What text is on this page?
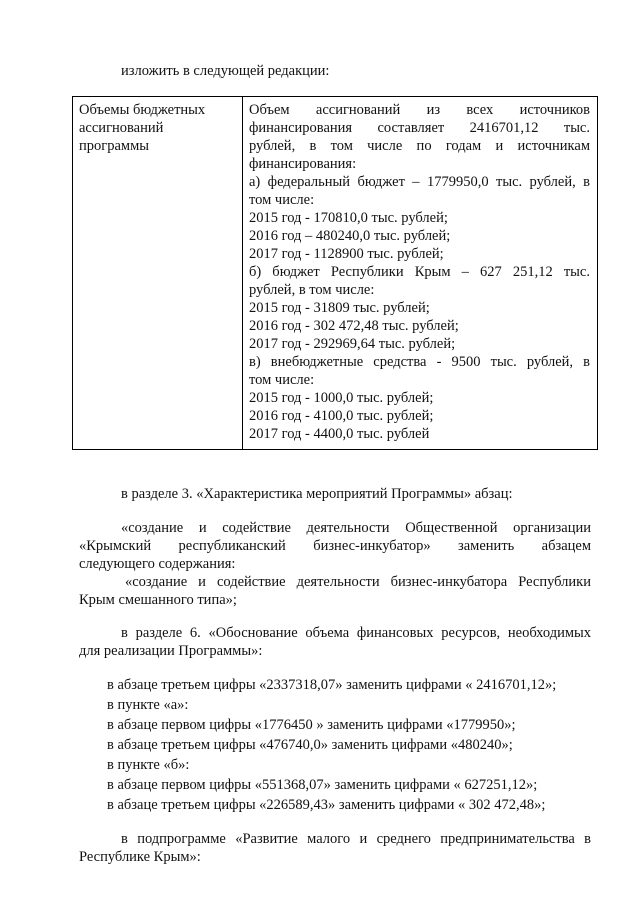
изложить в следующей редакции:
Объемы бюджетных
ассигнований
программы
Объем ассигнований из всех источников
финансирования составляет 2416701,12 тыс.
рублей, в том числе по годам и источникам
финансирования:
а) федеральный бюджет – 1779950,0 тыс. рублей, в
том числе:
2015 год - 170810,0 тыс. рублей;
2016 год – 480240,0 тыс. рублей;
2017 год - 1128900 тыс. рублей;
б) бюджет Республики Крым – 627 251,12 тыс.
рублей, в том числе:
2015 год - 31809 тыс. рублей;
2016 год - 302 472,48 тыс. рублей;
2017 год - 292969,64 тыс. рублей;
в) внебюджетные средства - 9500 тыс. рублей, в
том числе:
2015 год - 1000,0 тыс. рублей;
2016 год - 4100,0 тыс. рублей;
2017 год - 4400,0 тыс. рублей
в разделе 3. «Характеристика мероприятий Программы» абзац:
«создание и содействие деятельности Общественной организации
«Крымский республиканский бизнес-инкубатор» заменить абзацем
следующего содержания:
«создание и содействие деятельности бизнес-инкубатора Республики
Крым смешанного типа»;
в разделе 6. «Обоснование объема финансовых ресурсов, необходимых
для реализации Программы»:
в абзаце третьем цифры «2337318,07» заменить цифрами « 2416701,12»;
в пункте «а»:
в абзаце первом цифры «1776450 » заменить цифрами «1779950»;
в абзаце третьем цифры «476740,0» заменить цифрами «480240»;
в пункте «б»:
в абзаце первом цифры «551368,07» заменить цифрами « 627251,12»;
в абзаце третьем цифры «226589,43» заменить цифрами « 302 472,48»;
в подпрограмме «Развитие малого и среднего предпринимательства в
Республике Крым»:
